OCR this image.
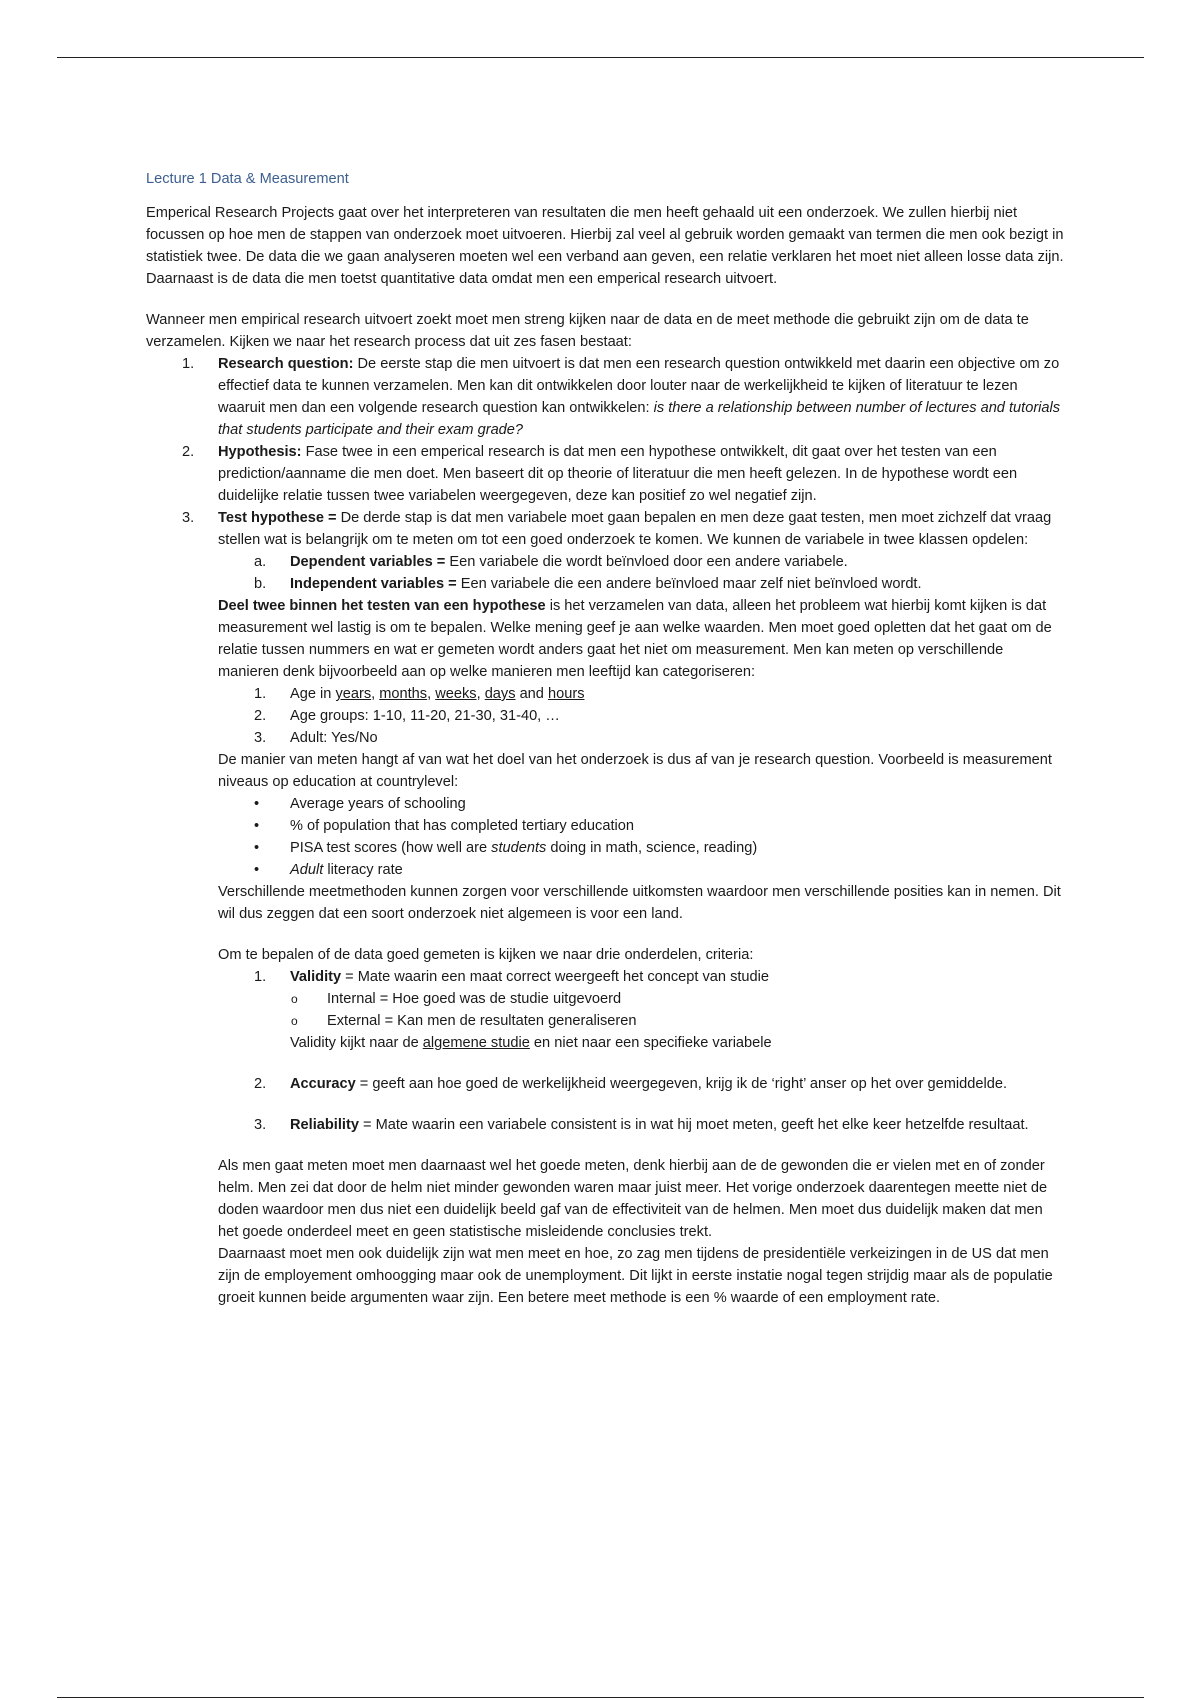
Lecture 1 Data & Measurement

Emperical Research Projects gaat over het interpreteren van resultaten die men heeft gehaald uit een onderzoek. We zullen hierbij niet focussen op hoe men de stappen van onderzoek moet uitvoeren. Hierbij zal veel al gebruik worden gemaakt van termen die men ook bezigt in statistiek twee. De data die we gaan analyseren moeten wel een verband aan geven, een relatie verklaren het moet niet alleen losse data zijn. Daarnaast is de data die men toetst quantitative data omdat men een emperical research uitvoert.

Wanneer men empirical research uitvoert zoekt moet men streng kijken naar de data en de meet methode die gebruikt zijn om de data te verzamelen. Kijken we naar het research process dat uit zes fasen bestaat:

1. Research question: De eerste stap die men uitvoert is dat men een research question ontwikkeld met daarin een objective om zo effectief data te kunnen verzamelen. Men kan dit ontwikkelen door louter naar de werkelijkheid te kijken of literatuur te lezen waaruit men dan een volgende research question kan ontwikkelen: is there a relationship between number of lectures and tutorials that students participate and their exam grade?
2. Hypothesis: Fase twee in een emperical research is dat men een hypothese ontwikkelt, dit gaat over het testen van een prediction/aanname die men doet. Men baseert dit op theorie of literatuur die men heeft gelezen. In de hypothese wordt een duidelijke relatie tussen twee variabelen weergegeven, deze kan positief zo wel negatief zijn.
3. Test hypothese = De derde stap is dat men variabele moet gaan bepalen en men deze gaat testen, men moet zichzelf dat vraag stellen wat is belangrijk om te meten om tot een goed onderzoek te komen. We kunnen de variabele in twee klassen opdelen:
a. Dependent variables = Een variabele die wordt beïnvloed door een andere variabele.
b. Independent variables = Een variabele die een andere beïnvloed maar zelf niet beïnvloed wordt.

Deel twee binnen het testen van een hypothese is het verzamelen van data, alleen het probleem wat hierbij komt kijken is dat measurement wel lastig is om te bepalen. Welke mening geef je aan welke waarden. Men moet goed opletten dat het gaat om de relatie tussen nummers en wat er gemeten wordt anders gaat het niet om measurement. Men kan meten op verschillende manieren denk bijvoorbeeld aan op welke manieren men leeftijd kan categoriseren:

1. Age in years, months, weeks, days and hours
2. Age groups: 1-10, 11-20, 21-30, 31-40, …
3. Adult: Yes/No

De manier van meten hangt af van wat het doel van het onderzoek is dus af van je research question. Voorbeeld is measurement niveaus op education at countrylevel:

• Average years of schooling
• % of population that has completed tertiary education
• PISA test scores (how well are students doing in math, science, reading)
• Adult literacy rate

Verschillende meetmethoden kunnen zorgen voor verschillende uitkomsten waardoor men verschillende posities kan in nemen. Dit wil dus zeggen dat een soort onderzoek niet algemeen is voor een land.

Om te bepalen of de data goed gemeten is kijken we naar drie onderdelen, criteria:

1. Validity = Mate waarin een maat correct weergeeft het concept van studie
o Internal = Hoe goed was de studie uitgevoerd
o External = Kan men de resultaten generaliseren

Validity kijkt naar de algemene studie en niet naar een specifieke variabele

2. Accuracy = geeft aan hoe goed de werkelijkheid weergegeven, krijg ik de ‘right’ anser op het over gemiddelde.
3. Reliability = Mate waarin een variabele consistent is in wat hij moet meten, geeft het elke keer hetzelfde resultaat.

Als men gaat meten moet men daarnaast wel het goede meten, denk hierbij aan de de gewonden die er vielen met en of zonder helm. Men zei dat door de helm niet minder gewonden waren maar juist meer. Het vorige onderzoek daarentegen meette niet de doden waardoor men dus niet een duidelijk beeld gaf van de effectiviteit van de helmen. Men moet dus duidelijk maken dat men het goede onderdeel meet en geen statistische misleidende conclusies trekt.

Daarnaast moet men ook duidelijk zijn wat men meet en hoe, zo zag men tijdens de presidentiële verkeizingen in de US dat men zijn de employement omhoogging maar ook de unemployment. Dit lijkt in eerste instatie nogal tegen strijdig maar als de populatie groeit kunnen beide argumenten waar zijn. Een betere meet methode is een % waarde of een employment rate.
